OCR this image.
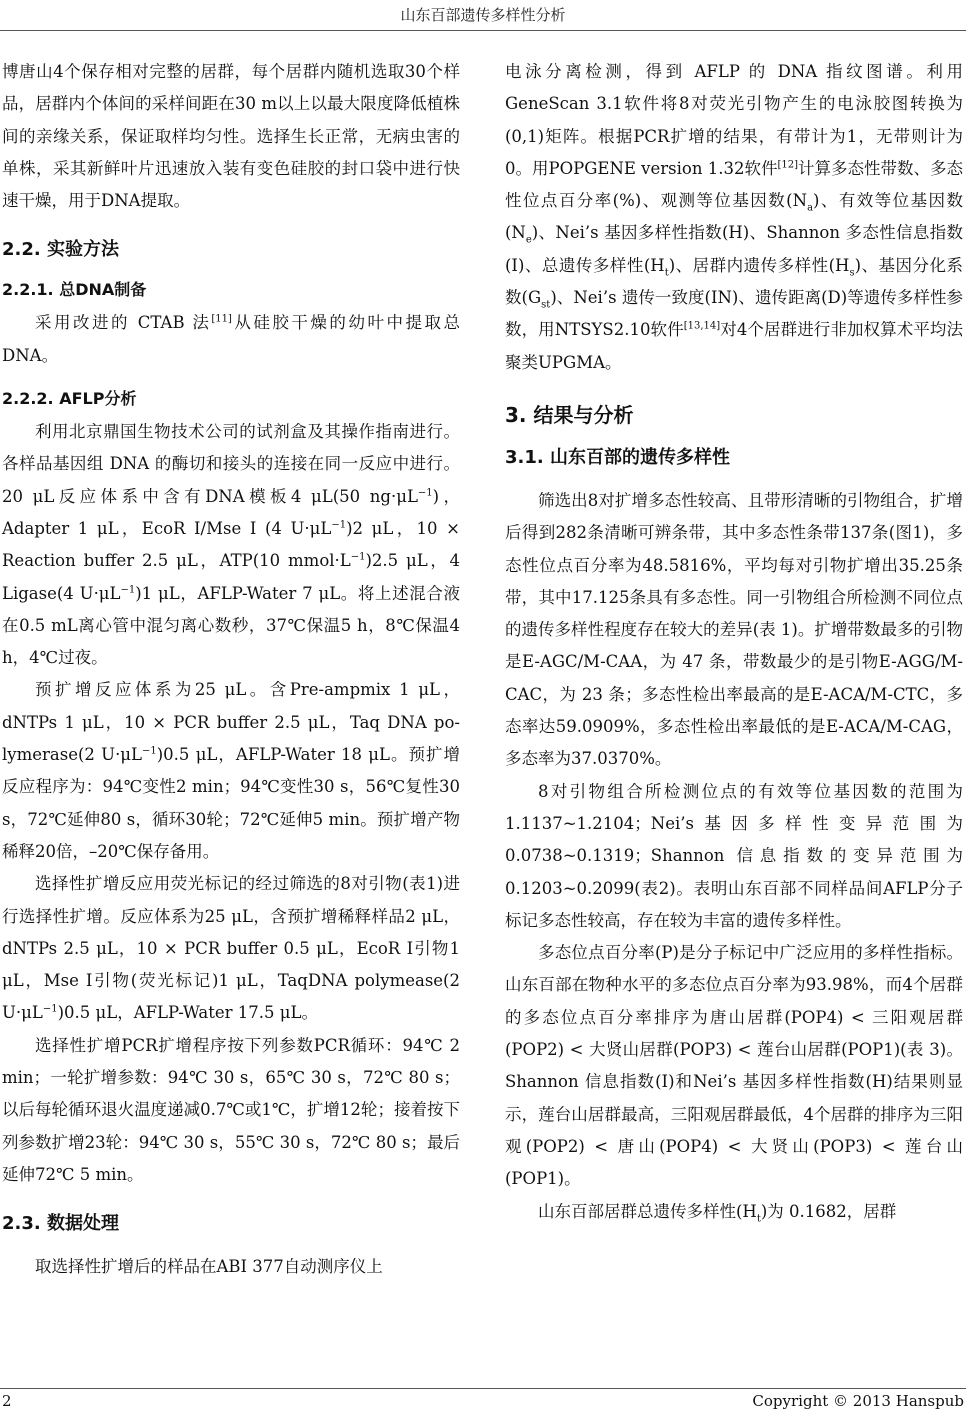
山东百部遗传多样性分析

博唐山4个保存相对完整的居群，每个居群内随机选取30个样品，居群内个体间的采样间距在30 m以上以最大限度降低植株间的亲缘关系，保证取样均匀性。选择生长正常，无病虫害的单株，采其新鲜叶片迅速放入装有变色硅胶的封口袋中进行快速干燥，用于DNA提取。

2.2. 实验方法
2.2.1. 总DNA制备

采用改进的 CTAB 法[11]从硅胶干燥的幼叶中提取总DNA。

2.2.2. AFLP分析

利用北京鼎国生物技术公司的试剂盒及其操作指南进行。各样品基因组 DNA 的酶切和接头的连接在同一反应中进行。20 μL反应体系中含有DNA模板4 μL(50 $ng\cdot\mu L^{-1}$)，Adapter 1 μL，EcoR I/Mse I (4 $U\cdot\mu L^{-1})2$ μL，10 × Reaction buffer 2.5 μL，ATP(10 $mmol\cdot L^{-1})2.5$ μL，4 Ligase(4 $U\cdot\mu L^{-1})1$ μL，AFLP-Water 7 μL。将上述混合液在0.5 mL离心管中混匀离心数秒，37℃保温5 h，8℃保温4 h，4℃过夜。

预扩增反应体系为25 μL。含Pre-ampmix 1 μL，dNTPs 1 μL，10 × PCR buffer 2.5 μL，Taq DNA po-lymerase(2 $U\cdot\mu L^{-1})0.5$ μL，AFLP-Water 18 μL。预扩增反应程序为：94℃变性2 min；94℃变性30 s，56℃复性30 s，72℃延伸80 s，循环30轮；72℃延伸5 min。预扩增产物稀释20倍，–20℃保存备用。

选择性扩增反应用荧光标记的经过筛选的8对引物(表1)进行选择性扩增。反应体系为25 μL，含预扩增稀释样品2 μL，dNTPs 2.5 μL，10 × PCR buffer 0.5 μL，EcoR I引物1 μL，Mse I引物(荧光标记)1 μL，TaqDNA polymease(2 $U\cdot\mu L^{-1})0.5$ μL，AFLP-Water 17.5 μL。

选择性扩增PCR扩增程序按下列参数PCR循环：94℃ 2 min；一轮扩增参数：94℃ 30 s，65℃ 30 s，72℃ 80 s；以后每轮循环退火温度递减0.7℃或1℃，扩增12轮；接着按下列参数扩增23轮：94℃ 30 s，55℃ 30 s，72℃ 80 s；最后延伸72℃ 5 min。

2.3. 数据处理

取选择性扩增后的样品在ABI 377自动测序仪上

电泳分离检测，得到 AFLP 的 DNA 指纹图谱。利用GeneScan 3.1软件将8对荧光引物产生的电泳胶图转换为(0,1)矩阵。根据PCR扩增的结果，有带计为1，无带则计为0。用POPGENE version 1.32软件[12]计算多态性带数、多态性位点百分率(%)、观测等位基因数$(N_a)$、有效等位基因数$(N_e)$、Nei’s 基因多样性指数(H)、Shannon 多态性信息指数(I)、总遗传多样性$(H_t)$、居群内遗传多样性$(H_s)$、基因分化系数$(G_{st})$、Nei’s 遗传一致度(IN)、遗传距离(D)等遗传多样性参数，用NTSYS2.10软件[13,14]对4个居群进行非加权算术平均法聚类UPGMA。

3. 结果与分析
3.1. 山东百部的遗传多样性

筛选出8对扩增多态性较高、且带形清晰的引物组合，扩增后得到282条清晰可辨条带，其中多态性条带137条(图1)，多态性位点百分率为48.5816%，平均每对引物扩增出35.25条带，其中17.125条具有多态性。同一引物组合所检测不同位点的遗传多样性程度存在较大的差异(表 1)。扩增带数最多的引物是E-AGC/M-CAA，为 47 条，带数最少的是引物E-AGG/M-CAC，为 23 条；多态性检出率最高的是E-ACA/M-CTC，多态率达59.0909%，多态性检出率最低的是E-ACA/M-CAG，多态率为37.0370%。

8对引物组合所检测位点的有效等位基因数的范围为1.1137~1.2104；Nei’s基因多样性变异范围为0.0738~0.1319；Shannon 信息指数的变异范围为 0.1203~0.2099(表2)。表明山东百部不同样品间AFLP分子标记多态性较高，存在较为丰富的遗传多样性。

多态位点百分率(P)是分子标记中广泛应用的多样性指标。山东百部在物种水平的多态位点百分率为93.98%，而4个居群的多态位点百分率排序为唐山居群(POP4) < 三阳观居群(POP2) < 大贤山居群(POP3) < 莲台山居群(POP1)(表 3)。Shannon 信息指数(I)和Nei’s 基因多样性指数(H)结果则显示，莲台山居群最高，三阳观居群最低，4个居群的排序为三阳观(POP2) < 唐山(POP4) < 大贤山(POP3) < 莲台山(POP1)。

山东百部居群总遗传多样性$(H_t)$为 0.1682，居群

2	Copyright © 2013 Hanspub
